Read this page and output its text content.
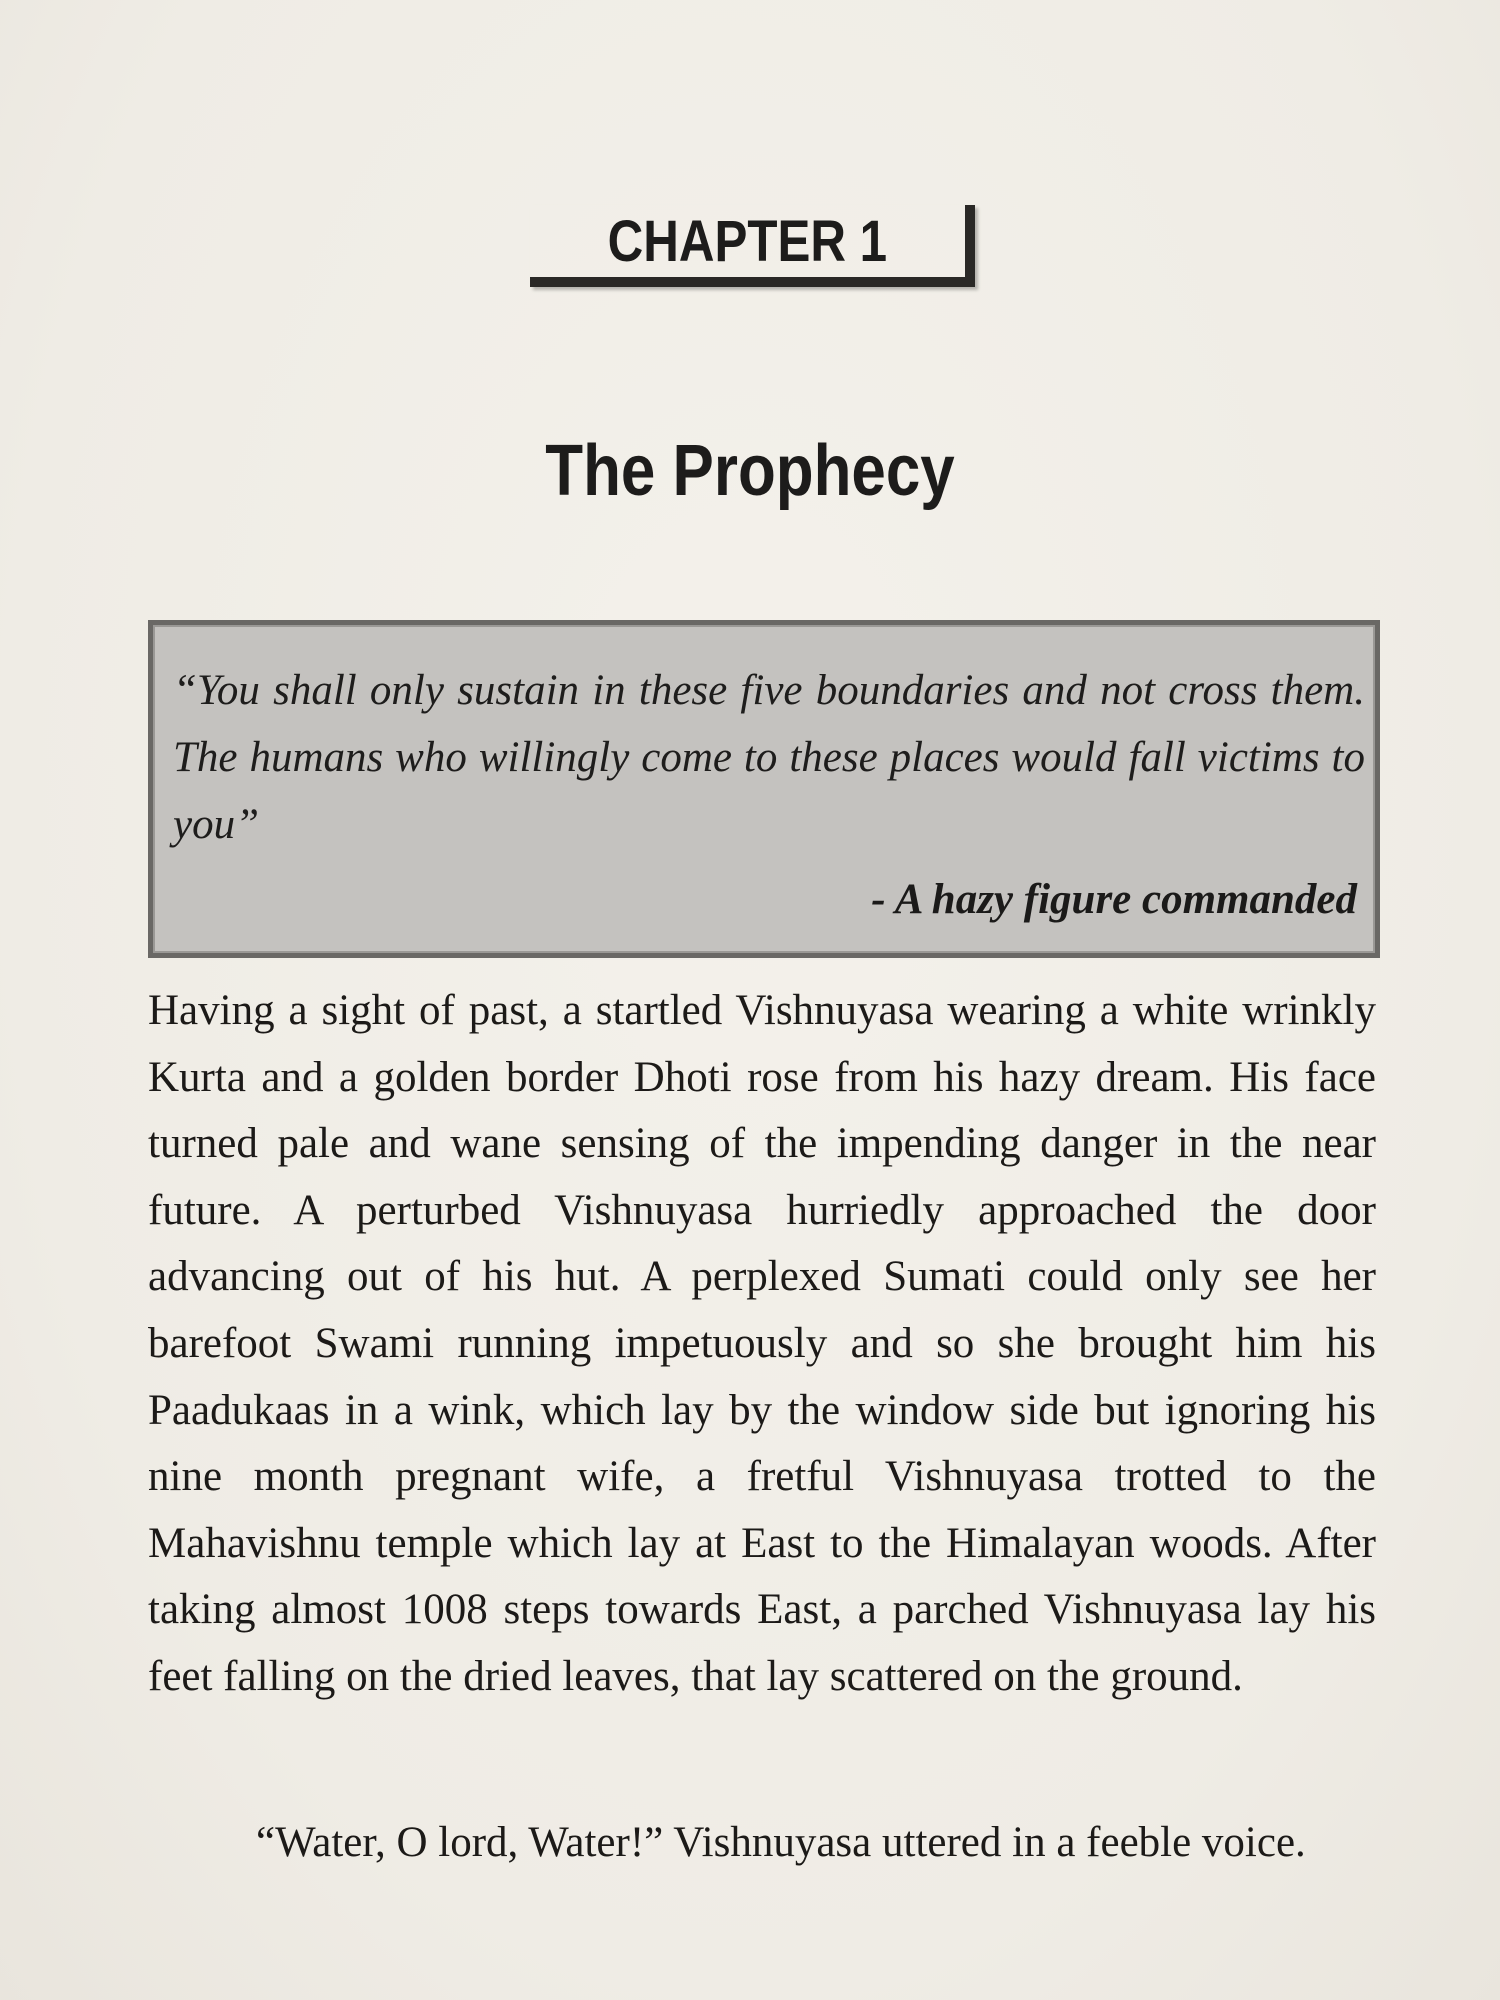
CHAPTER 1
The Prophecy
“You shall only sustain in these five boundaries and not cross them. The humans who willingly come to these places would fall victims to you”
- A hazy figure commanded

Having a sight of past, a startled Vishnuyasa wearing a white wrinkly Kurta and a golden border Dhoti rose from his hazy dream. His face turned pale and wane sensing of the impending danger in the near future. A perturbed Vishnuyasa hurriedly approached the door advancing out of his hut. A perplexed Sumati could only see her barefoot Swami running impetuously and so she brought him his Paadukaas in a wink, which lay by the window side but ignoring his nine month pregnant wife, a fretful Vishnuyasa trotted to the Mahavishnu temple which lay at East to the Himalayan woods. After taking almost 1008 steps towards East, a parched Vishnuyasa lay his feet falling on the dried leaves, that lay scattered on the ground.

“Water, O lord, Water!” Vishnuyasa uttered in a feeble voice.
